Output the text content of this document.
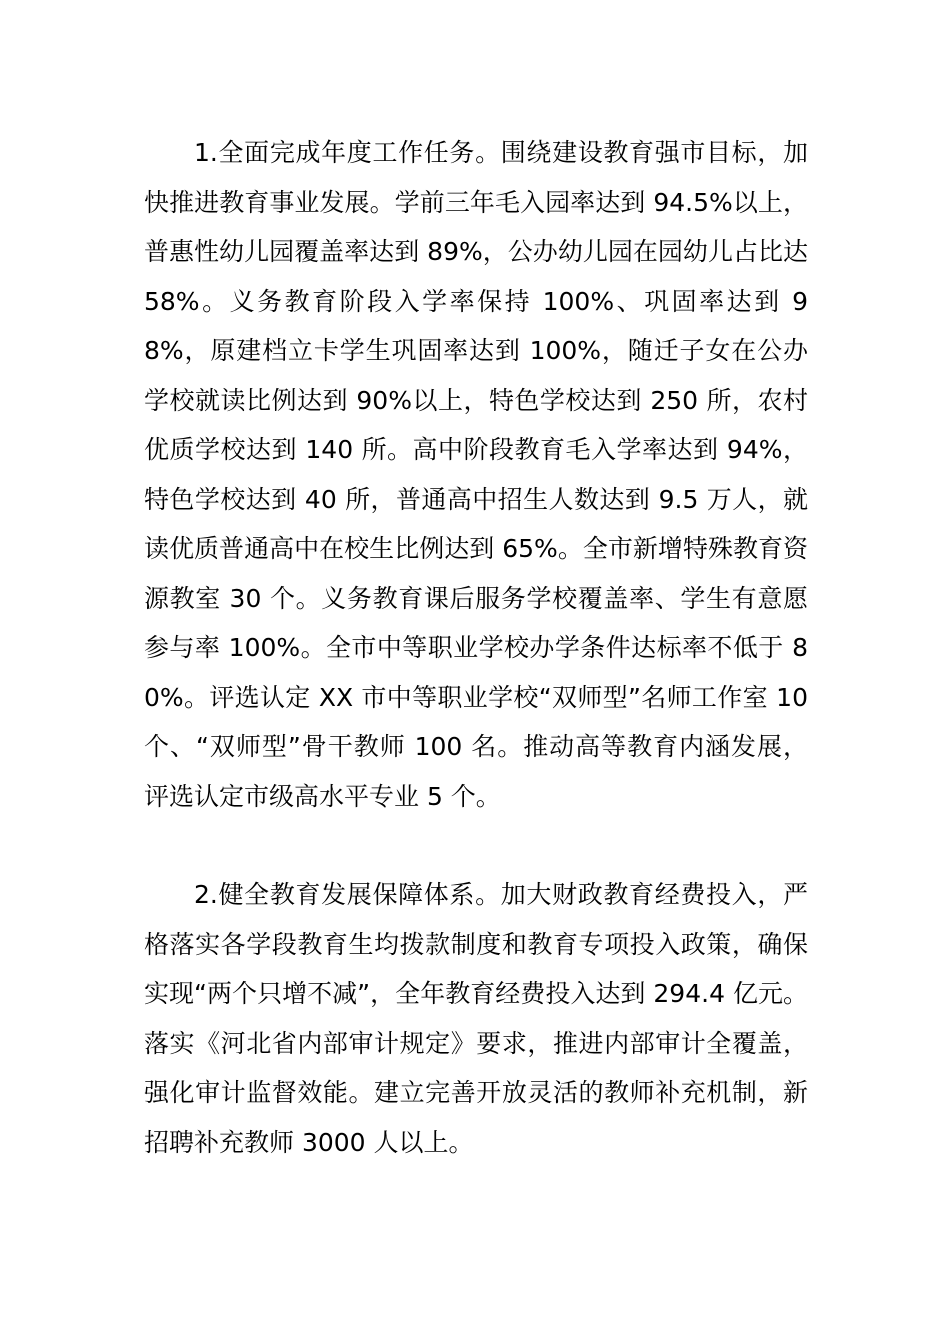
1.全面完成年度工作任务。围绕建设教育强市目标，加快推进教育事业发展。学前三年毛入园率达到 94.5%以上，普惠性幼儿园覆盖率达到 89%，公办幼儿园在园幼儿占比达 58%。义务教育阶段入学率保持 100%、巩固率达到 98%，原建档立卡学生巩固率达到 100%，随迁子女在公办学校就读比例达到 90%以上，特色学校达到 250 所，农村优质学校达到 140 所。高中阶段教育毛入学率达到 94%，特色学校达到 40 所，普通高中招生人数达到 9.5 万人，就读优质普通高中在校生比例达到 65%。全市新增特殊教育资源教室 30 个。义务教育课后服务学校覆盖率、学生有意愿参与率 100%。全市中等职业学校办学条件达标率不低于 80%。评选认定 XX 市中等职业学校“双师型”名师工作室 10 个、“双师型”骨干教师 100 名。推动高等教育内涵发展，评选认定市级高水平专业 5 个。

2.健全教育发展保障体系。加大财政教育经费投入，严格落实各学段教育生均拨款制度和教育专项投入政策，确保实现“两个只增不减”，全年教育经费投入达到 294.4 亿元。落实《河北省内部审计规定》要求，推进内部审计全覆盖，强化审计监督效能。建立完善开放灵活的教师补充机制，新招聘补充教师 3000 人以上。
